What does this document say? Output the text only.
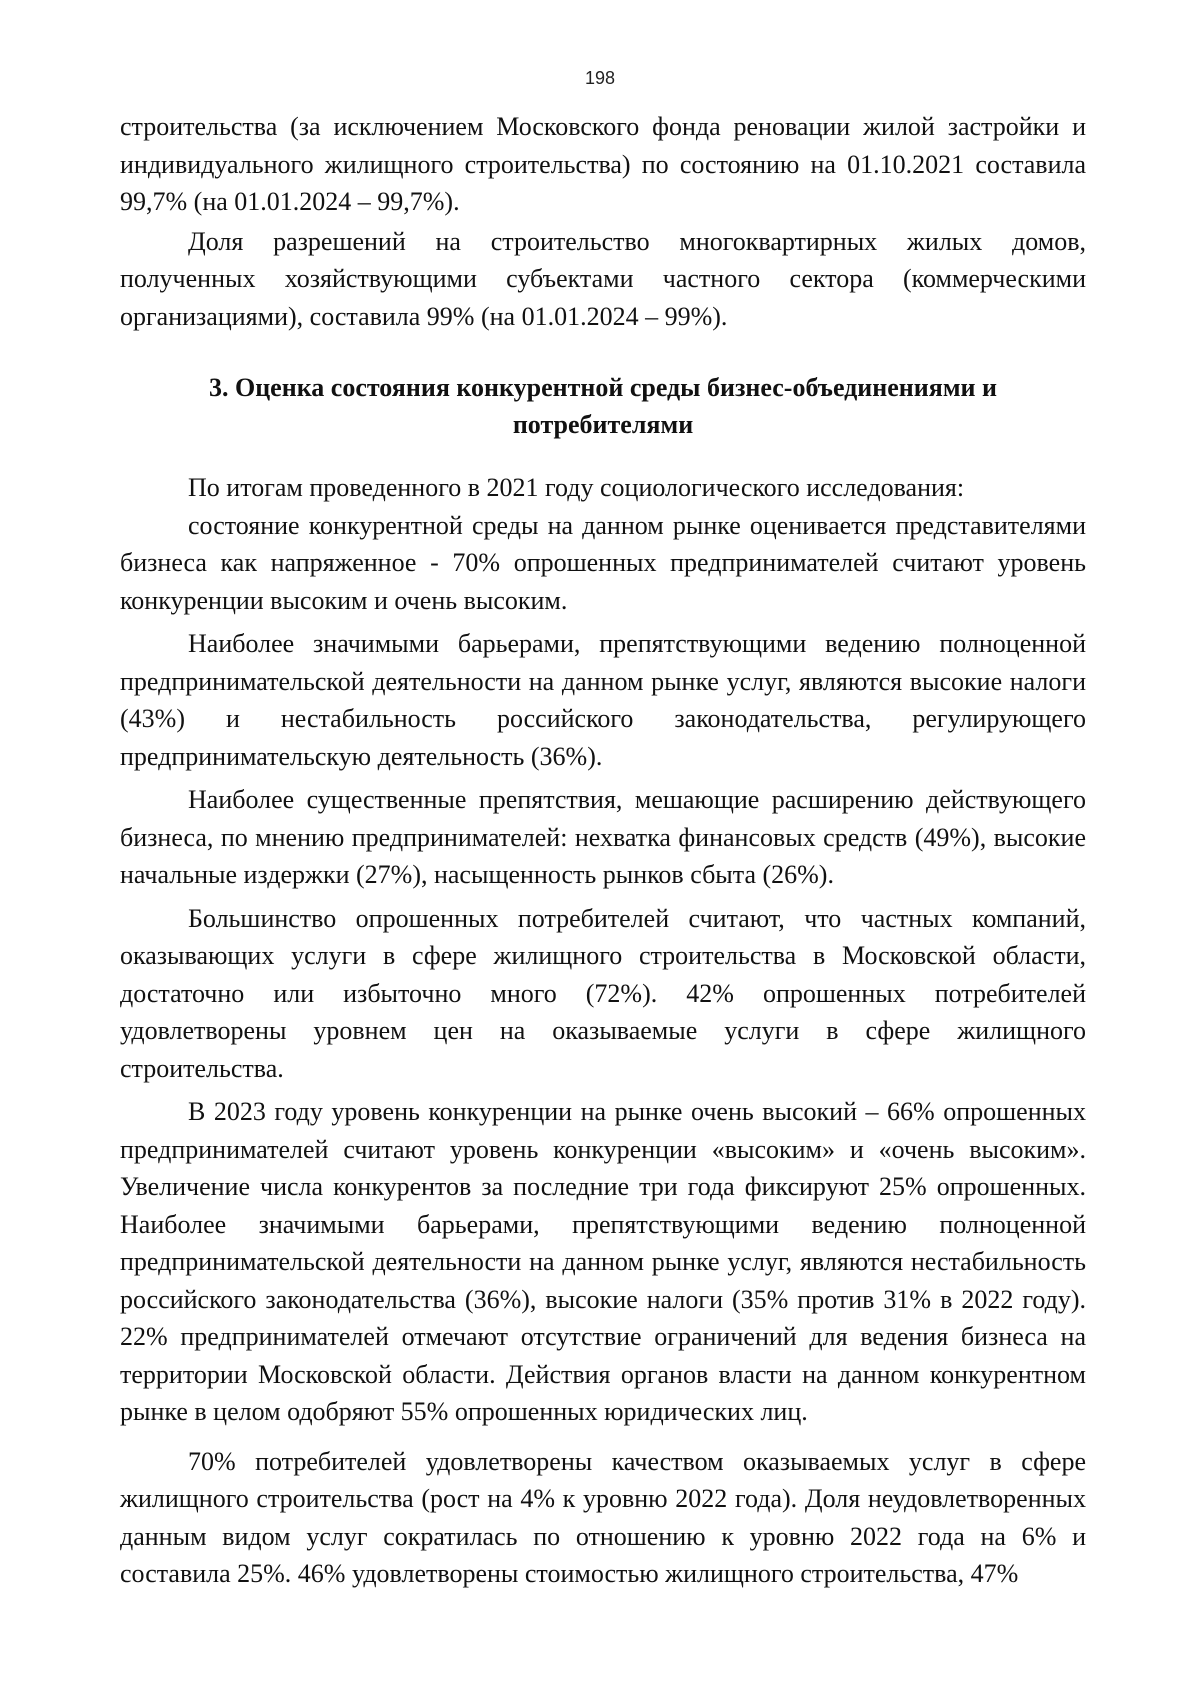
198

строительства (за исключением Московского фонда реновации жилой застройки и индивидуального жилищного строительства) по состоянию на 01.10.2021 составила 99,7% (на 01.01.2024 – 99,7%).

Доля разрешений на строительство многоквартирных жилых домов, полученных хозяйствующими субъектами частного сектора (коммерческими организациями), составила 99% (на 01.01.2024 – 99%).

3. Оценка состояния конкурентной среды бизнес-объединениями и потребителями

По итогам проведенного в 2021 году социологического исследования:

состояние конкурентной среды на данном рынке оценивается представителями бизнеса как напряженное - 70% опрошенных предпринимателей считают уровень конкуренции высоким и очень высоким.

Наиболее значимыми барьерами, препятствующими ведению полноценной предпринимательской деятельности на данном рынке услуг, являются высокие налоги (43%) и нестабильность российского законодательства, регулирующего предпринимательскую деятельность (36%).

Наиболее существенные препятствия, мешающие расширению действующего бизнеса, по мнению предпринимателей: нехватка финансовых средств (49%), высокие начальные издержки (27%), насыщенность рынков сбыта (26%).

Большинство опрошенных потребителей считают, что частных компаний, оказывающих услуги в сфере жилищного строительства в Московской области, достаточно или избыточно много (72%). 42% опрошенных потребителей удовлетворены уровнем цен на оказываемые услуги в сфере жилищного строительства.

В 2023 году уровень конкуренции на рынке очень высокий – 66% опрошенных предпринимателей считают уровень конкуренции «высоким» и «очень высоким». Увеличение числа конкурентов за последние три года фиксируют 25% опрошенных. Наиболее значимыми барьерами, препятствующими ведению полноценной предпринимательской деятельности на данном рынке услуг, являются нестабильность российского законодательства (36%), высокие налоги (35% против 31% в 2022 году). 22% предпринимателей отмечают отсутствие ограничений для ведения бизнеса на территории Московской области. Действия органов власти на данном конкурентном рынке в целом одобряют 55% опрошенных юридических лиц.

70% потребителей удовлетворены качеством оказываемых услуг в сфере жилищного строительства (рост на 4% к уровню 2022 года). Доля неудовлетворенных данным видом услуг сократилась по отношению к уровню 2022 года на 6% и составила 25%. 46% удовлетворены стоимостью жилищного строительства, 47%
